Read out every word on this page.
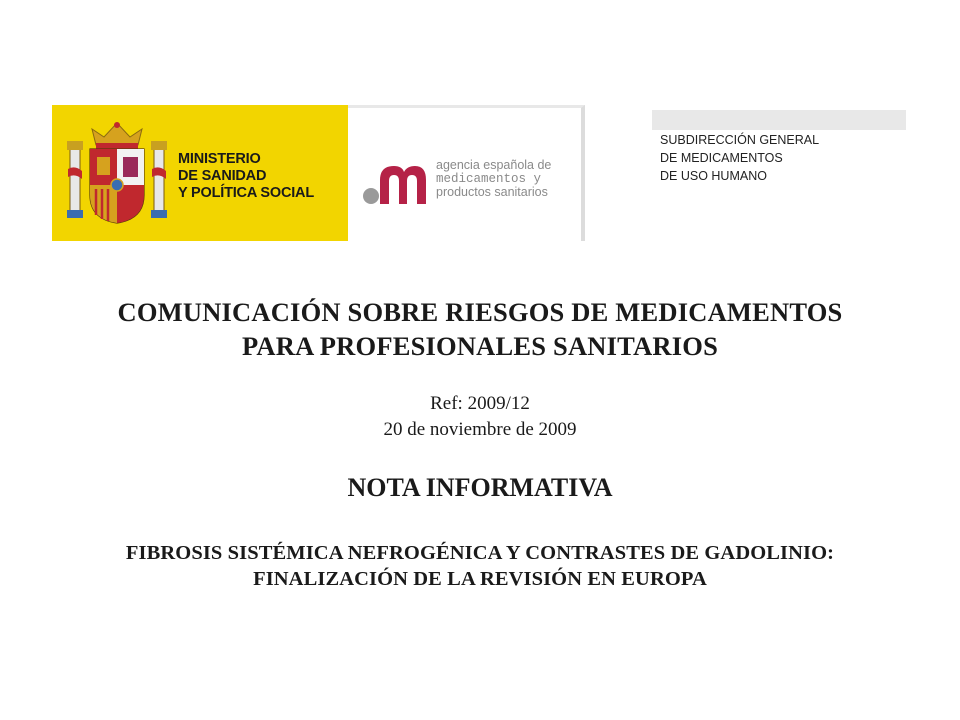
MINISTERIO
DE SANIDAD
Y POLÍTICA SOCIAL
agencia española de
medicamentos y
productos sanitarios
SUBDIRECCIÓN GENERAL
DE MEDICAMENTOS
DE USO HUMANO
COMUNICACIÓN SOBRE RIESGOS DE MEDICAMENTOS
PARA PROFESIONALES SANITARIOS
Ref: 2009/12
20 de noviembre de 2009
NOTA INFORMATIVA
FIBROSIS SISTÉMICA NEFROGÉNICA Y CONTRASTES DE GADOLINIO:
FINALIZACIÓN DE LA REVISIÓN EN EUROPA
